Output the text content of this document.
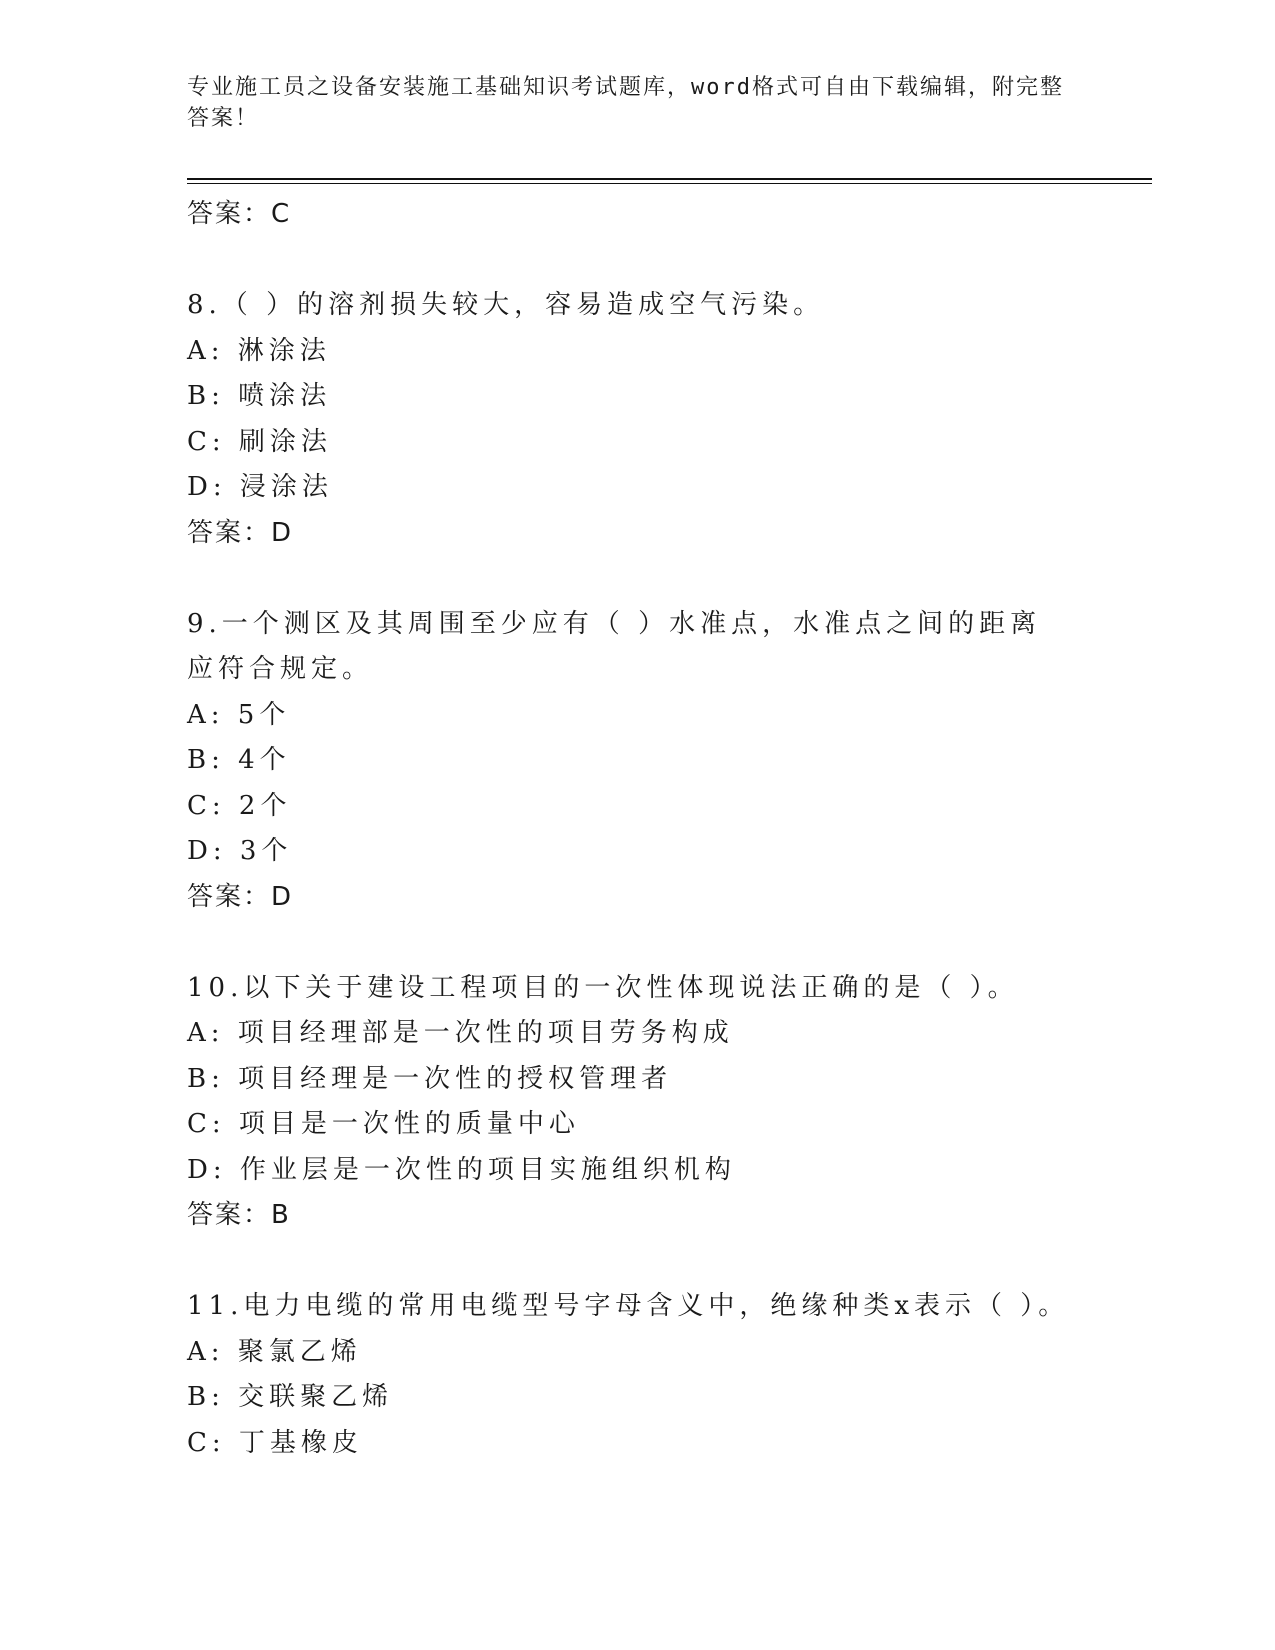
专业施工员之设备安装施工基础知识考试题库，word格式可自由下载编辑，附完整答案！
答案：C
8.（ ）的溶剂损失较大，容易造成空气污染。
A: 淋涂法
B: 喷涂法
C: 刷涂法
D: 浸涂法
答案：D
9.一个测区及其周围至少应有（ ）水准点，水准点之间的距离应符合规定。
A: 5个
B: 4个
C: 2个
D: 3个
答案：D
10.以下关于建设工程项目的一次性体现说法正确的是（ ）。
A: 项目经理部是一次性的项目劳务构成
B: 项目经理是一次性的授权管理者
C: 项目是一次性的质量中心
D: 作业层是一次性的项目实施组织机构
答案：B
11.电力电缆的常用电缆型号字母含义中，绝缘种类x表示（ ）。
A: 聚氯乙烯
B: 交联聚乙烯
C: 丁基橡皮
